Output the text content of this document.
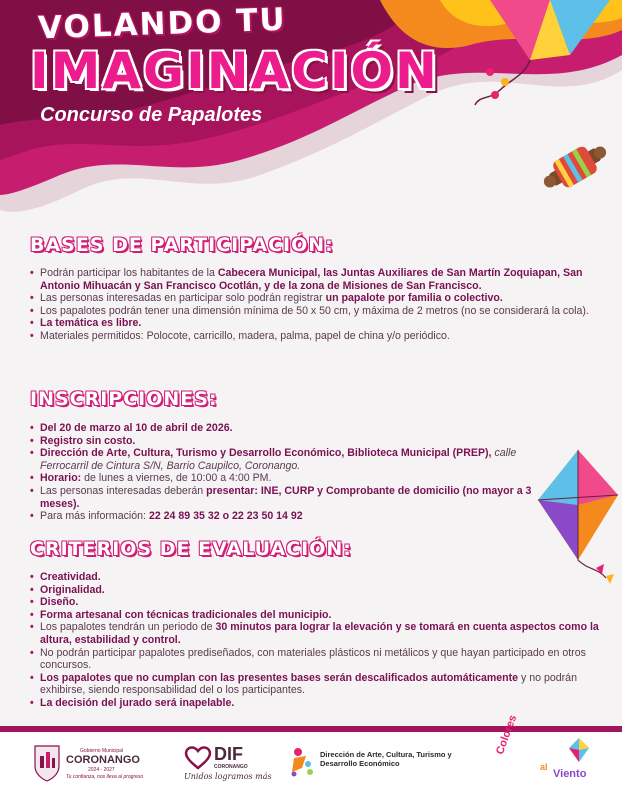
VOLANDO TU
IMAGINACIÓN
Concurso de Papalotes
BASES DE PARTICIPACIÓN:
• Podrán participar los habitantes de la Cabecera Municipal, las Juntas Auxiliares de San Martín Zoquiapan, San Antonio Mihuacán y San Francisco Ocotlán, y de la zona de Misiones de San Francisco.
• Las personas interesadas en participar solo podrán registrar un papalote por familia o colectivo.
• Los papalotes podrán tener una dimensión mínima de 50 x 50 cm, y máxima de 2 metros (no se considerará la cola).
• La temática es libre.
• Materiales permitidos: Polocote, carricillo, madera, palma, papel de china y/o periódico.
INSCRIPCIONES:
• Del 20 de marzo al 10 de abril de 2026.
• Registro sin costo.
• Dirección de Arte, Cultura, Turismo y Desarrollo Económico, Biblioteca Municipal (PREP), calle Ferrocarril de Cintura S/N, Barrio Caupilco, Coronango.
• Horario: de lunes a viernes, de 10:00 a 4:00 PM.
• Las personas interesadas deberán presentar: INE, CURP y Comprobante de domicilio (no mayor a 3 meses).
• Para más información: 22 24 89 35 32 o 22 23 50 14 92
CRITERIOS DE EVALUACIÓN:
• Creatividad.
• Originalidad.
• Diseño.
• Forma artesanal con técnicas tradicionales del municipio.
• Los papalotes tendrán un periodo de 30 minutos para lograr la elevación y se tomará en cuenta aspectos como la altura, estabilidad y control.
• No podrán participar papalotes prediseñados, con materiales plásticos ni metálicos y que hayan participado en otros concursos.
• Los papalotes que no cumplan con las presentes bases serán descalificados automáticamente y no podrán exhibirse, siendo responsabilidad del o los participantes.
• La decisión del jurado será inapelable.
Gobierno Municipal
CORONANGO
2024 - 2027
Tu confianza, nos lleva al progreso
DIF
CORONANGO
Unidos logramos más
Dirección de Arte, Cultura, Turismo y Desarrollo Económico
Colores
al
Viento
